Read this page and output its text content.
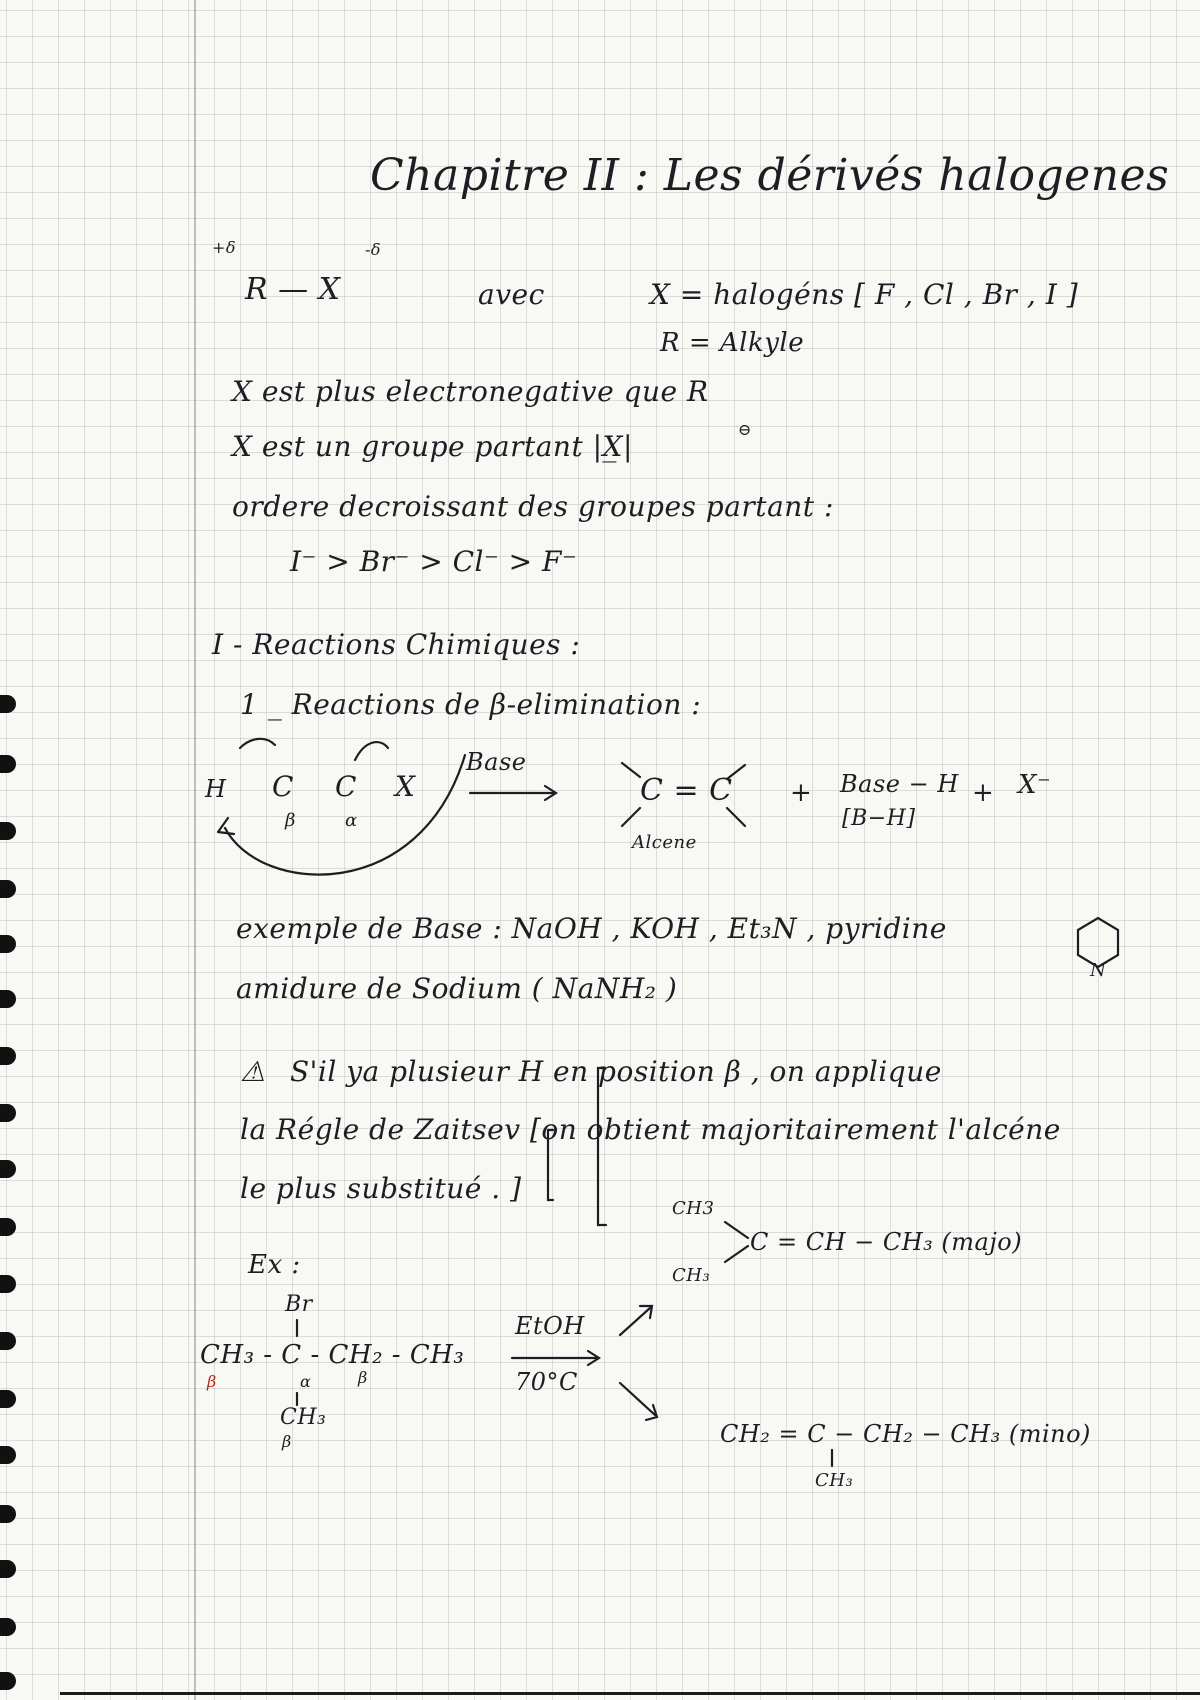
Chapitre II : Les dérivés halogenes
+δ	-δ
R — X	avec	X = halogéns [ F , Cl , Br , I ]
R = Alkyle
X est plus electronegative que R
X est un groupe partant |X̲|
⊖
ordere decroissant des groupes partant :
I⁻ > Br⁻ > Cl⁻ > F⁻
I - Reactions Chimiques :
1 _ Reactions de β-elimination :
H C C X
β	α
Base
C = C
Alcene
+ Base − H
[B−H]
+ X⁻
exemple de Base : NaOH , KOH , Et₃N , pyridine
N
amidure de Sodium ( NaNH₂ )
⚠ S'il ya plusieur H en position β , on applique
la Régle de Zaitsev [on obtient majoritairement l'alcéne
le plus substitué . ]
Ex :
Br
CH₃ - C - CH₂ - CH₃
β	α	β
CH₃
β
EtOH
70°C
CH3
C = CH − CH₃ (majo)
CH₃
CH₂ = C − CH₂ − CH₃ (mino)
CH₃
